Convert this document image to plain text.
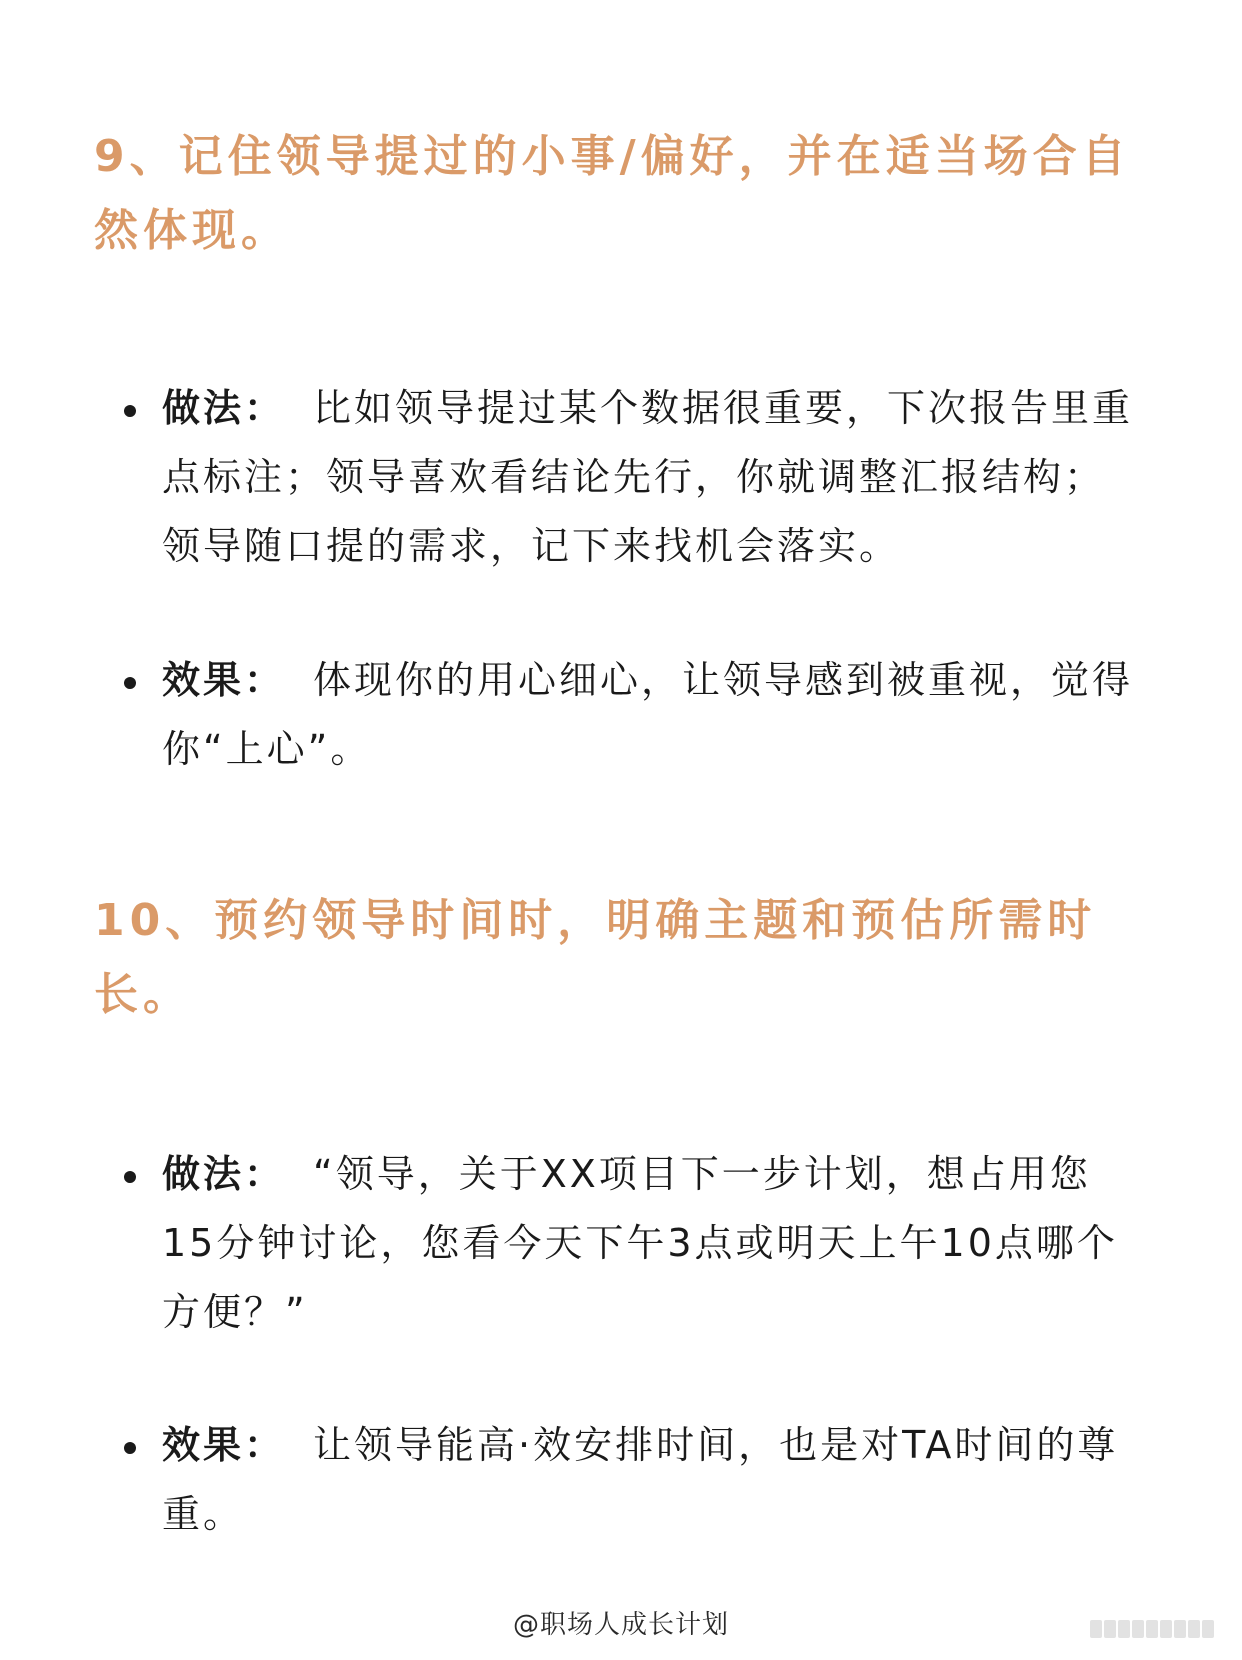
9、记住领导提过的小事/偏好，并在适当场合自然体现。
做法： 比如领导提过某个数据很重要，下次报告里重点标注；领导喜欢看结论先行，你就调整汇报结构；领导随口提的需求，记下来找机会落实。
效果： 体现你的用心细心，让领导感到被重视，觉得你“上心”。
10、预约领导时间时，明确主题和预估所需时长。
做法： “领导，关于XX项目下一步计划，想占用您15分钟讨论，您看今天下午3点或明天上午10点哪个方便？”
效果： 让领导能高·效安排时间，也是对TA时间的尊重。
@职场人成长计划
